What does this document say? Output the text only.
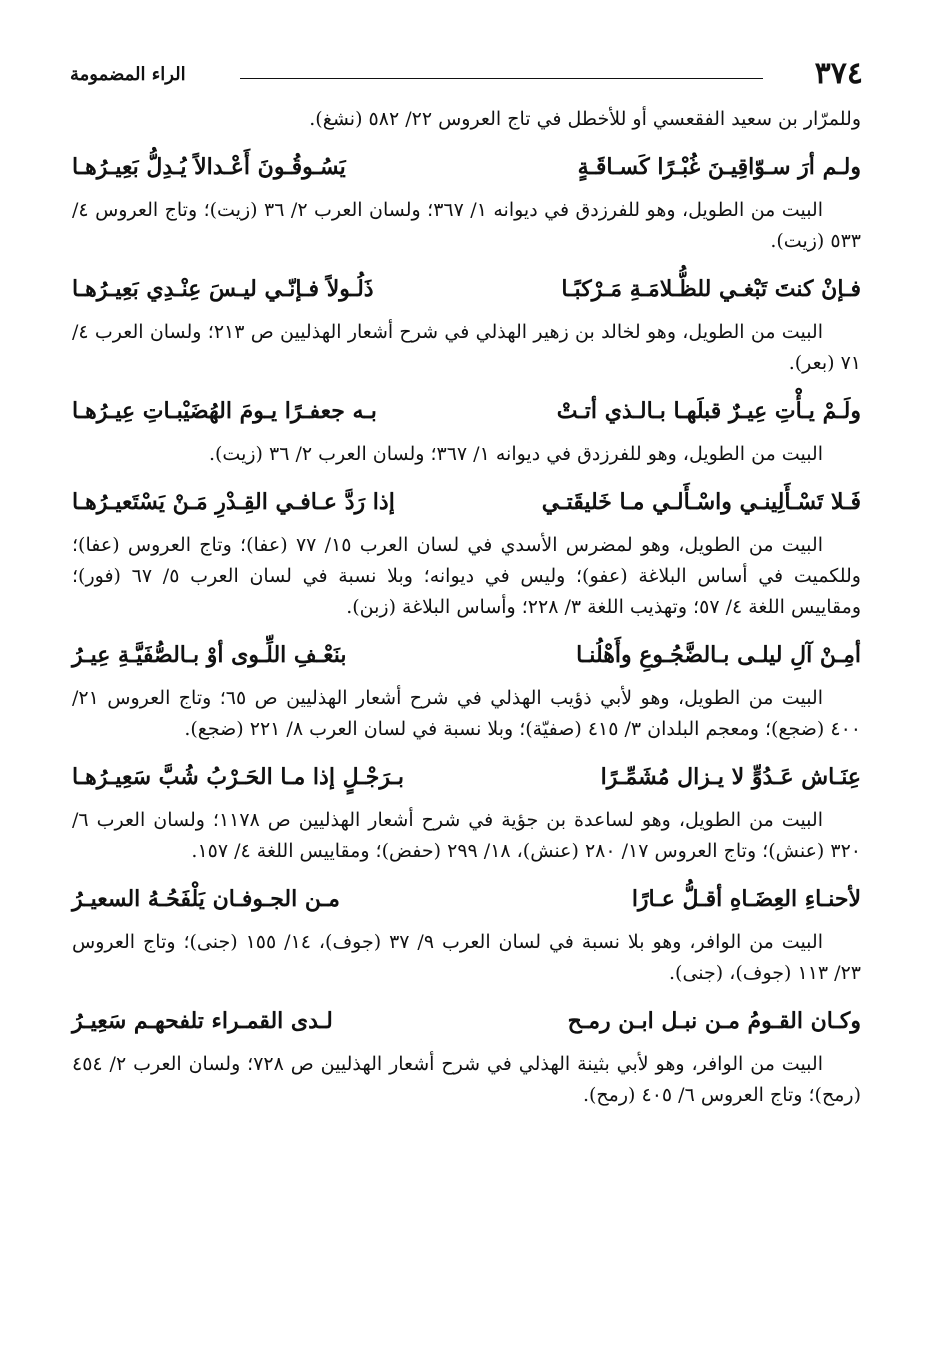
٣٧٤
الراء المضمومة

وللمرّار بن سعيد الفقعسي أو للأخطل في تاج العروس ٢٢/ ٥٨٢ (نشغ).

ولـم أرَ سـوّاقِيـنَ غُبْـرًا كَسـاقَـةٍ
يَسُـوقُـونَ أَعْـدالاً يُـدِلُّ بَعِيـرُهـا

البيت من الطويل، وهو للفرزدق في ديوانه ١/ ٣٦٧؛ ولسان العرب ٢/ ٣٦ (زيت)؛ وتاج العروس ٤/ ٥٣٣ (زيت).

فـإنْ كنتَ تَبْغـي للظُّـلامَـةِ مَـرْكبًـا
ذَلُـولاً فـإنّـي ليـسَ عِنْـدِي بَعِيـرُهـا

البيت من الطويل، وهو لخالد بن زهير الهذلي في شرح أشعار الهذليين ص ٢١٣؛ ولسان العرب ٤/ ٧١ (بعر).

ولَـمْ يـأْتِ عِيـرٌ قبلَهـا بـالـذي أتـتْ
بـه جعفـرًا يـومَ الهُضَيْبـاتِ عِيـرُهـا

البيت من الطويل، وهو للفرزدق في ديوانه ١/ ٣٦٧؛ ولسان العرب ٢/ ٣٦ (زيت).

فَـلا تَسْـأَلِينـي واسْـأَلـي مـا خَليقَتـي
إذا رَدَّ عـافـي القِـدْرِ مَـنْ يَسْتَعيـرُهـا

البيت من الطويل، وهو لمضرس الأسدي في لسان العرب ١٥/ ٧٧ (عفا)؛ وتاج العروس (عفا)؛ وللكميت في أساس البلاغة (عفو)؛ وليس في ديوانه؛ وبلا نسبة في لسان العرب ٥/ ٦٧ (فور)؛ ومقاييس اللغة ٤/ ٥٧؛ وتهذيب اللغة ٣/ ٢٢٨؛ وأساس البلاغة (زبن).

أمِـنْ آلِ ليلـى بـالضَّجُـوعِ وأَهْلُنـا
بنَعْـفِ اللِّـوى أوْ بـالصُّفَيَّـةِ عِيـرُ

البيت من الطويل، وهو لأبي ذؤيب الهذلي في شرح أشعار الهذليين ص ٦٥؛ وتاج العروس ٢١/ ٤٠٠ (ضجع)؛ ومعجم البلدان ٣/ ٤١٥ (صفيّة)؛ وبلا نسبة في لسان العرب ٨/ ٢٢١ (ضجع).

عِنَـاش عَـدُوٍّ لا يـزال مُشَمِّـرًا
بـرَجْـلٍ إذا مـا الحَـرْبُ شُبَّ سَعِيـرُهـا

البيت من الطويل، وهو لساعدة بن جؤية في شرح أشعار الهذليين ص ١١٧٨؛ ولسان العرب ٦/ ٣٢٠ (عنش)؛ وتاج العروس ١٧/ ٢٨٠ (عنش)، ١٨/ ٢٩٩ (حفض)؛ ومقاييس اللغة ٤/ ١٥٧.

لأحنـاءِ العِضَـاهِ أقـلُّ عـارًا
مـن الجـوفـان يَلْفَحُـهُ السعيـرُ

البيت من الوافر، وهو بلا نسبة في لسان العرب ٩/ ٣٧ (جوف)، ١٤/ ١٥٥ (جنى)؛ وتاج العروس ٢٣/ ١١٣ (جوف)، (جنى).

وكـان القـومُ مـن نبـل ابـن رمـح
لـدى القمـراء تلفحهـم سَعِيـرُ

البيت من الوافر، وهو لأبي بثينة الهذلي في شرح أشعار الهذليين ص ٧٢٨؛ ولسان العرب ٢/ ٤٥٤ (رمح)؛ وتاج العروس ٦/ ٤٠٥ (رمح).
